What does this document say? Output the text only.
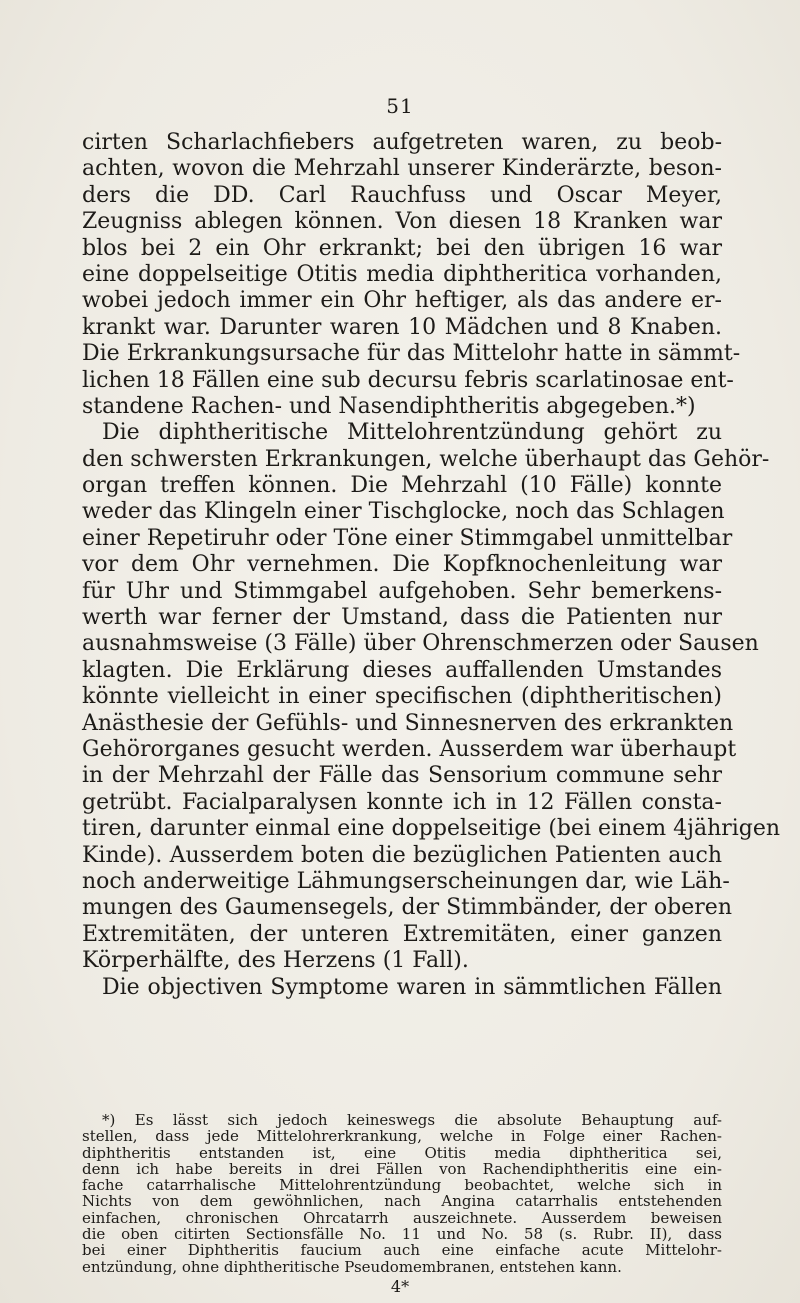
51
cirten Scharlachfiebers aufgetreten waren, zu beob-
achten, wovon die Mehrzahl unserer Kinderärzte, beson-
ders die DD. Carl Rauchfuss und Oscar Meyer,
Zeugniss ablegen können. Von diesen 18 Kranken war
blos bei 2 ein Ohr erkrankt; bei den übrigen 16 war
eine doppelseitige Otitis media diphtheritica vorhanden,
wobei jedoch immer ein Ohr heftiger, als das andere er-
krankt war. Darunter waren 10 Mädchen und 8 Knaben.
Die Erkrankungsursache für das Mittelohr hatte in sämmt-
lichen 18 Fällen eine sub decursu febris scarlatinosae ent-
standene Rachen- und Nasendiphtheritis abgegeben.*)
Die diphtheritische Mittelohrentzündung gehört zu
den schwersten Erkrankungen, welche überhaupt das Gehör-
organ treffen können. Die Mehrzahl (10 Fälle) konnte
weder das Klingeln einer Tischglocke, noch das Schlagen
einer Repetiruhr oder Töne einer Stimmgabel unmittelbar
vor dem Ohr vernehmen. Die Kopfknochenleitung war
für Uhr und Stimmgabel aufgehoben. Sehr bemerkens-
werth war ferner der Umstand, dass die Patienten nur
ausnahmsweise (3 Fälle) über Ohrenschmerzen oder Sausen
klagten. Die Erklärung dieses auffallenden Umstandes
könnte vielleicht in einer specifischen (diphtheritischen)
Anästhesie der Gefühls- und Sinnesnerven des erkrankten
Gehörorganes gesucht werden. Ausserdem war überhaupt
in der Mehrzahl der Fälle das Sensorium commune sehr
getrübt. Facialparalysen konnte ich in 12 Fällen consta-
tiren, darunter einmal eine doppelseitige (bei einem 4jährigen
Kinde). Ausserdem boten die bezüglichen Patienten auch
noch anderweitige Lähmungserscheinungen dar, wie Läh-
mungen des Gaumensegels, der Stimmbänder, der oberen
Extremitäten, der unteren Extremitäten, einer ganzen
Körperhälfte, des Herzens (1 Fall).
Die objectiven Symptome waren in sämmtlichen Fällen
*) Es lässt sich jedoch keineswegs die absolute Behauptung auf-
stellen, dass jede Mittelohrerkrankung, welche in Folge einer Rachen-
diphtheritis entstanden ist, eine Otitis media diphtheritica sei,
denn ich habe bereits in drei Fällen von Rachendiphtheritis eine ein-
fache catarrhalische Mittelohrentzündung beobachtet, welche sich in
Nichts von dem gewöhnlichen, nach Angina catarrhalis entstehenden
einfachen, chronischen Ohrcatarrh auszeichnete. Ausserdem beweisen
die oben citirten Sectionsfälle No. 11 und No. 58 (s. Rubr. II), dass
bei einer Diphtheritis faucium auch eine einfache acute Mittelohr-
entzündung, ohne diphtheritische Pseudomembranen, entstehen kann.
4*
